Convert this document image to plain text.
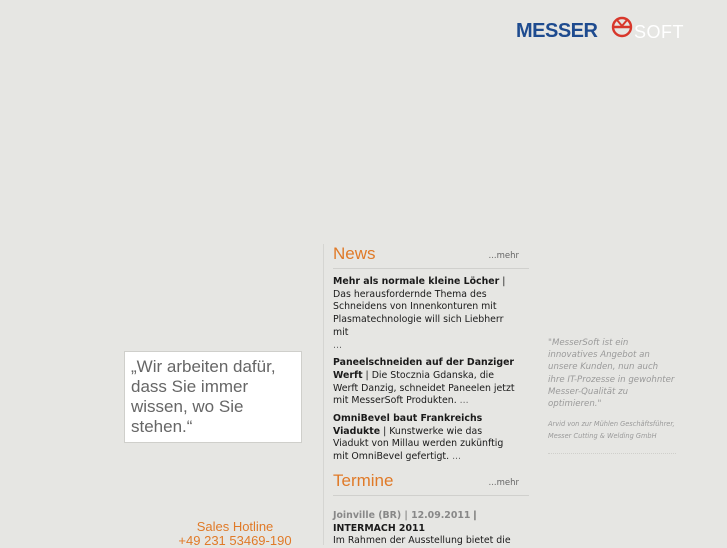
MESSER SOFT

„Wir arbeiten dafür, dass Sie immer wissen, wo Sie stehen.“

Sales Hotline
+49 231 53469-190
News	...mehr
Mehr als normale kleine Löcher | Das herausfordernde Thema des Schneidens von Innenkonturen mit Plasmatechnologie will sich Liebherr mit
...
Paneelschneiden auf der Danziger Werft | Die Stocznia Gdanska, die Werft Danzig, schneidet Paneelen jetzt mit MesserSoft Produkten. ...
OmniBevel baut Frankreichs Viadukte | Kunstwerke wie das Viadukt von Millau werden zukünftig mit OmniBevel gefertigt. ...
Termine	...mehr
Joinville (BR) | 12.09.2011 |
INTERMACH 2011
Im Rahmen der Ausstellung bietet die

"MesserSoft ist ein innovatives Angebot an unsere Kunden, nun auch ihre IT-Prozesse in gewohnter Messer-Qualität zu optimieren."

Arvid von zur Mühlen Geschäftsführer, Messer Cutting & Welding GmbH
